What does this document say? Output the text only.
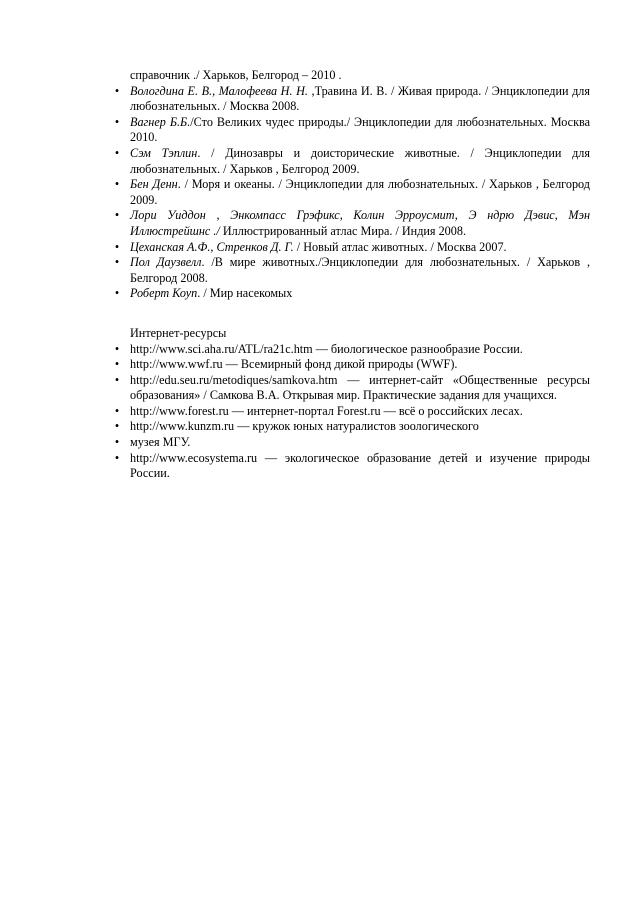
справочник ./ Харьков, Белгород – 2010 .

• Вологдина Е. В., Малофеева Н. Н. ,Травина И. В. / Живая природа. / Энциклопедии для любознательных. / Москва 2008.
• Вагнер Б.Б./Сто Великих чудес природы./ Энциклопедии для любознательных. Москва 2010.
• Сэм Тэплин. / Динозавры и доисторические животные. / Энциклопедии для любознательных. / Харьков , Белгород 2009.
• Бен Денн. / Моря и океаны. / Энциклопедии для любознательных. / Харьков , Белгород 2009.
• Лори Уиддон , Энкомпасс Грэфикс, Колин Эрроусмит, Э ндрю Дэвис, Мэн Иллюстрейшнс ./ Иллюстрированный атлас Мира. / Индия 2008.
• Цеханская А.Ф., Стренков Д. Г. / Новый атлас животных. / Москва 2007.
• Пол Даузвелл. /В мире животных./Энциклопедии для любознательных. / Харьков , Белгород 2008.
• Роберт Коуп. / Мир насекомых

Интернет-ресурсы

• http://www.sci.aha.ru/ATL/ra21c.htm — биологическое разнообразие России.
• http://www.wwf.ru — Всемирный фонд дикой природы (WWF).
• http://edu.seu.ru/metodiques/samkova.htm — интернет-сайт «Общественные ресурсы образования» / Самкова В.А. Открывая мир. Практические задания для учащихся.
• http://www.forest.ru — интернет-портал Forest.ru — всё о российских лесах.
• http://www.kunzm.ru — кружок юных натуралистов зоологического
• музея МГУ.
• http://www.ecosystema.ru — экологическое образование детей и изучение природы России.
